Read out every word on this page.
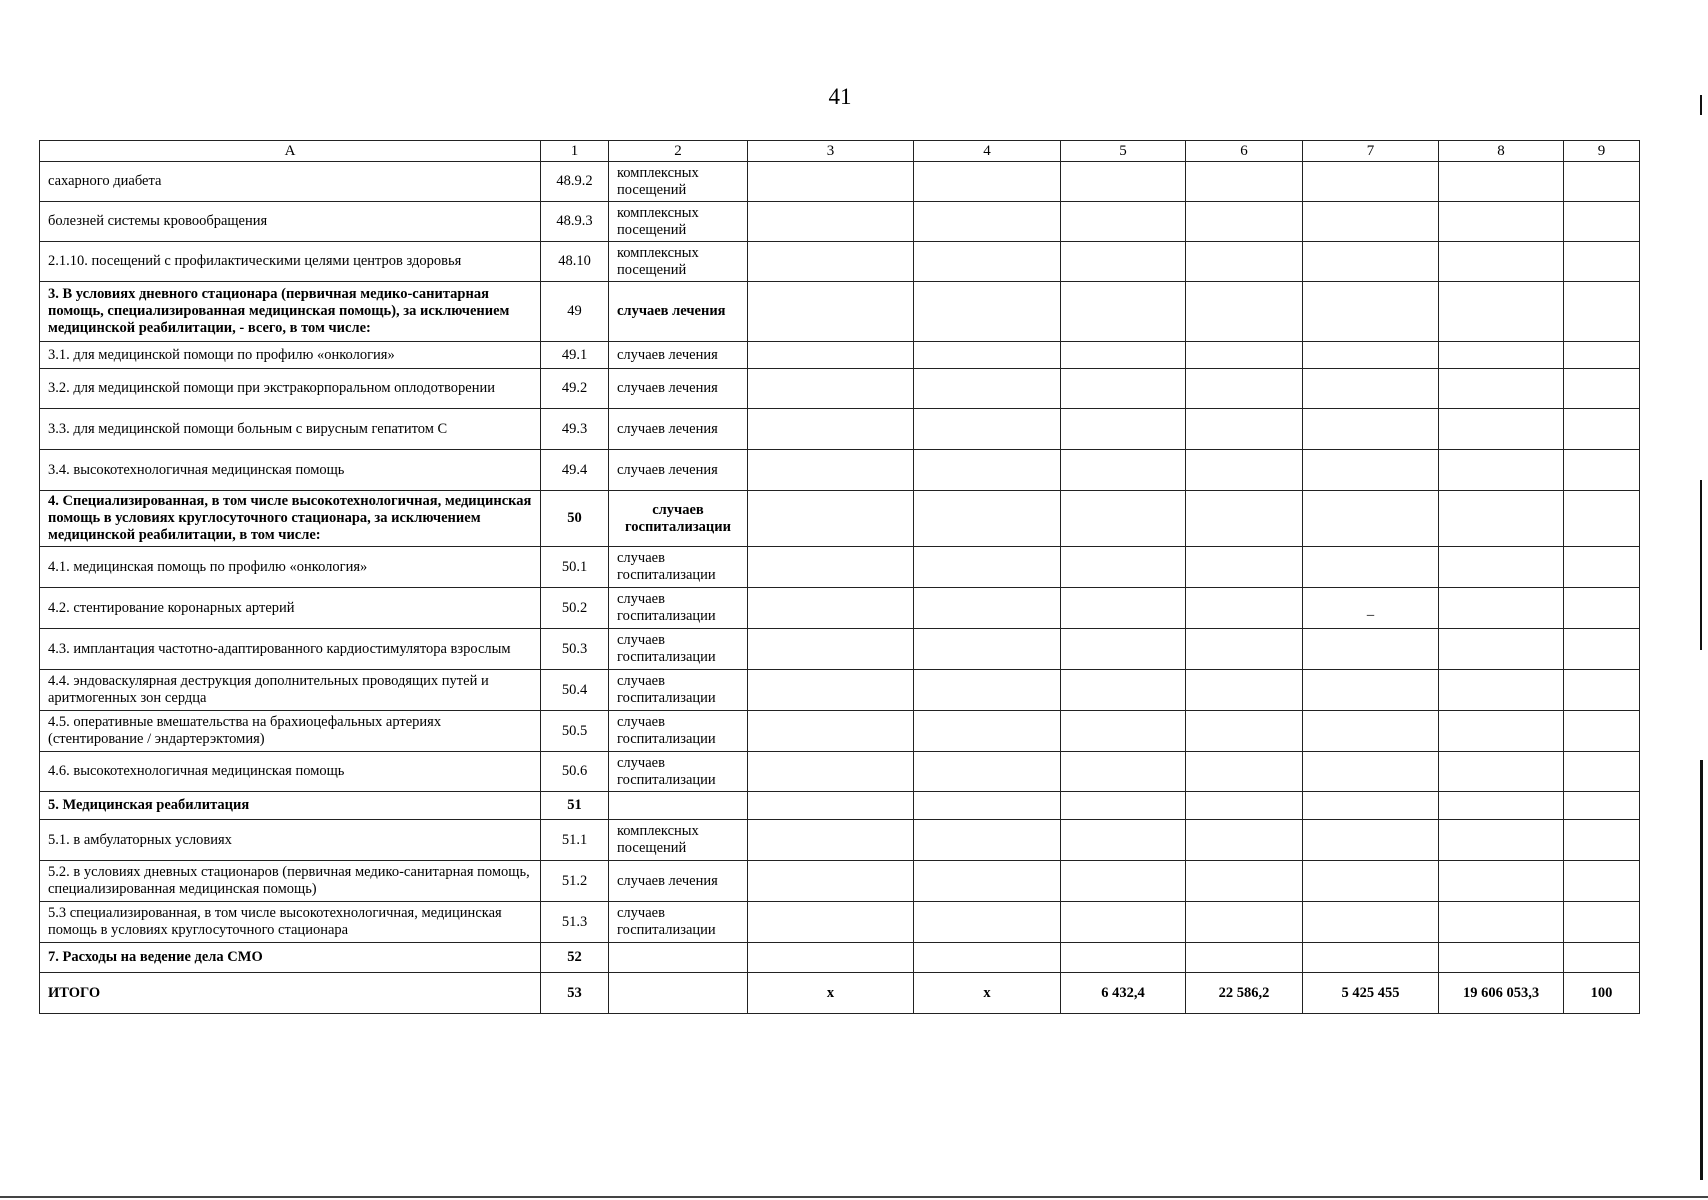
41
А	1	2	3	4	5	6	7	8	9
сахарного диабета	48.9.2	комплексных посещений							
болезней системы кровообращения	48.9.3	комплексных посещений							
2.1.10. посещений с профилактическими целями центров здоровья	48.10	комплексных посещений							
3. В условиях дневного стационара (первичная медико-санитарная помощь, специализированная медицинская помощь), за исключением медицинской реабилитации, - всего, в том числе:	49	случаев лечения							
3.1. для медицинской помощи по профилю «онкология»	49.1	случаев лечения							
3.2. для медицинской помощи при экстракорпоральном оплодотворении	49.2	случаев лечения							
3.3. для медицинской помощи больным с вирусным гепатитом С	49.3	случаев лечения							
3.4. высокотехнологичная медицинская помощь	49.4	случаев лечения							
4. Специализированная, в том числе высокотехнологичная, медицинская помощь в условиях круглосуточного стационара, за исключением медицинской реабилитации, в том числе:	50	случаев госпитализации							
4.1. медицинская помощь по профилю «онкология»	50.1	случаев госпитализации							
4.2. стентирование коронарных артерий	50.2	случаев госпитализации					–		
4.3. имплантация частотно-адаптированного кардиостимулятора взрослым	50.3	случаев госпитализации							
4.4. эндоваскулярная деструкция дополнительных проводящих путей и аритмогенных зон сердца	50.4	случаев госпитализации							
4.5. оперативные вмешательства на брахиоцефальных артериях (стентирование / эндартерэктомия)	50.5	случаев госпитализации							
4.6. высокотехнологичная медицинская помощь	50.6	случаев госпитализации							
5. Медицинская реабилитация	51								
5.1. в амбулаторных условиях	51.1	комплексных посещений							
5.2. в условиях дневных стационаров (первичная медико-санитарная помощь, специализированная медицинская помощь)	51.2	случаев лечения							
5.3 специализированная, в том числе высокотехнологичная, медицинская помощь в условиях круглосуточного стационара	51.3	случаев госпитализации							
7. Расходы на ведение дела СМО	52								
ИТОГО	53		х	х	6 432,4	22 586,2	5 425 455	19 606 053,3	100
